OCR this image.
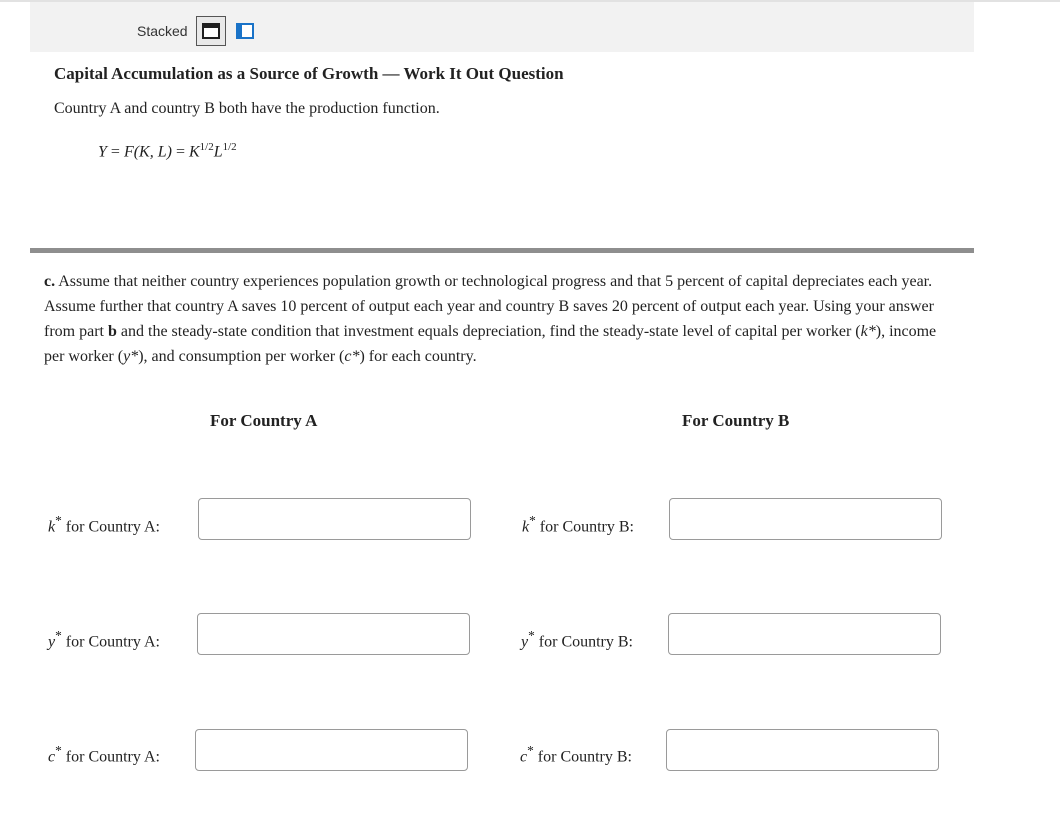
Stacked
Capital Accumulation as a Source of Growth — Work It Out Question
Country A and country B both have the production function.
Y = F(K, $L) = K^{1/2}L^{1/2}$
c. Assume that neither country experiences population growth or technological progress and that 5 percent of capital depreciates each year. Assume further that country A saves 10 percent of output each year and country B saves 20 percent of output each year. Using your answer from part b and the steady-state condition that investment equals depreciation, find the steady-state level of capital per worker (k*), income per worker (y*), and consumption per worker (c*) for each country.
For Country A	For Country B
k* for Country A:	k* for Country B:
y* for Country A:	y* for Country B:
c* for Country A:	c* for Country B:
